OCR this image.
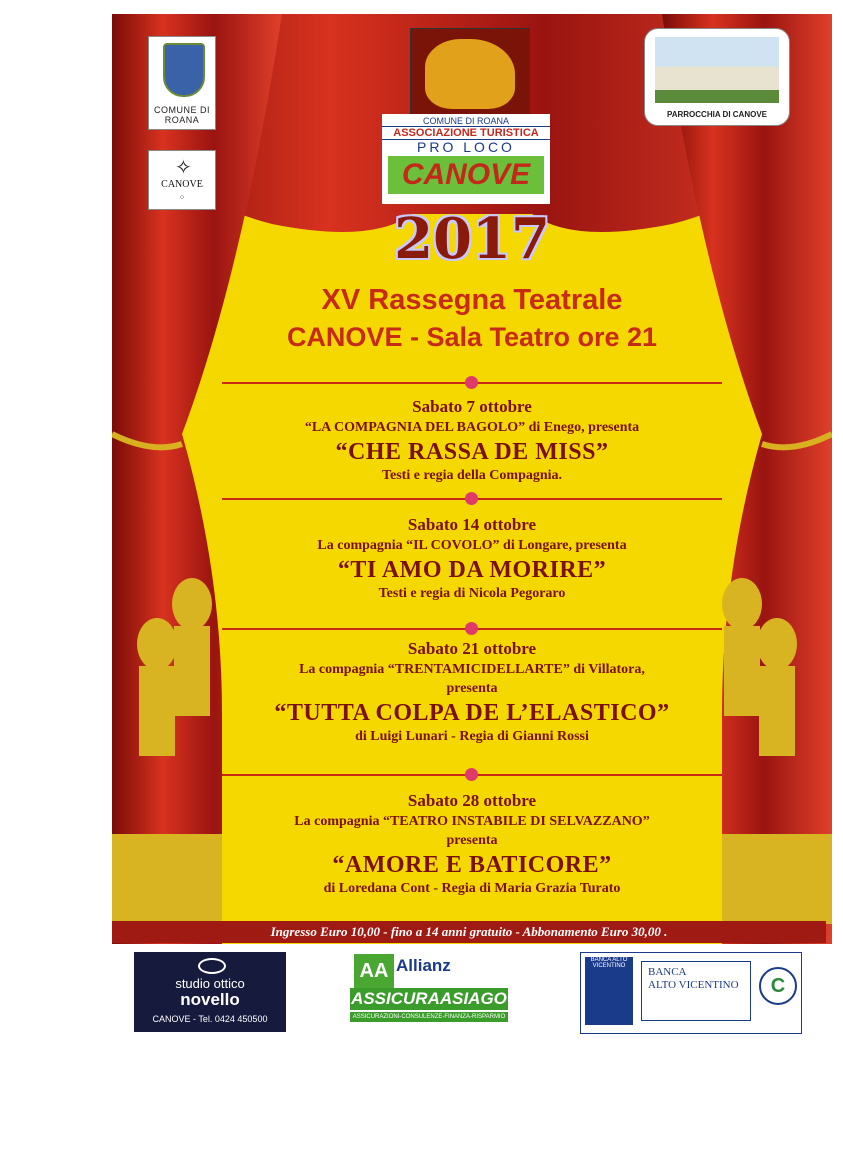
COMUNE DI ROANA
✧
CANOVE
⁘
COMUNE DI ROANA
ASSOCIAZIONE TURISTICA
PRO LOCO
CANOVE
PARROCCHIA DI CANOVE
2017
XV Rassegna Teatrale
CANOVE - Sala Teatro ore 21
Sabato 7 ottobre
“LA COMPAGNIA DEL BAGOLO” di Enego, presenta
“CHE RASSA DE MISS”
Testi e regia della Compagnia.
Sabato 14 ottobre
La compagnia “IL COVOLO” di Longare, presenta
“TI AMO DA MORIRE”
Testi e regia di Nicola Pegoraro
Sabato 21 ottobre
La compagnia “TRENTAMICIDELLARTE” di Villatora,
presenta
“TUTTA COLPA DE L’ELASTICO”
di Luigi Lunari - Regia di Gianni Rossi
Sabato 28 ottobre
La compagnia “TEATRO INSTABILE DI SELVAZZANO”
presenta
“AMORE E BATICORE”
di Loredana Cont - Regia di Maria Grazia Turato
Ingresso Euro 10,00 - fino a 14 anni gratuito - Abbonamento Euro 30,00 .
studio ottico
novello
CANOVE - Tel. 0424 450500
AA Allianz
ASSICURAASIAGO
ASSICURAZIONI-CONSULENZE-FINANZA-RISPARMIO
BANCA ALTO VICENTINO	BANCA
ALTO VICENTINO	C
